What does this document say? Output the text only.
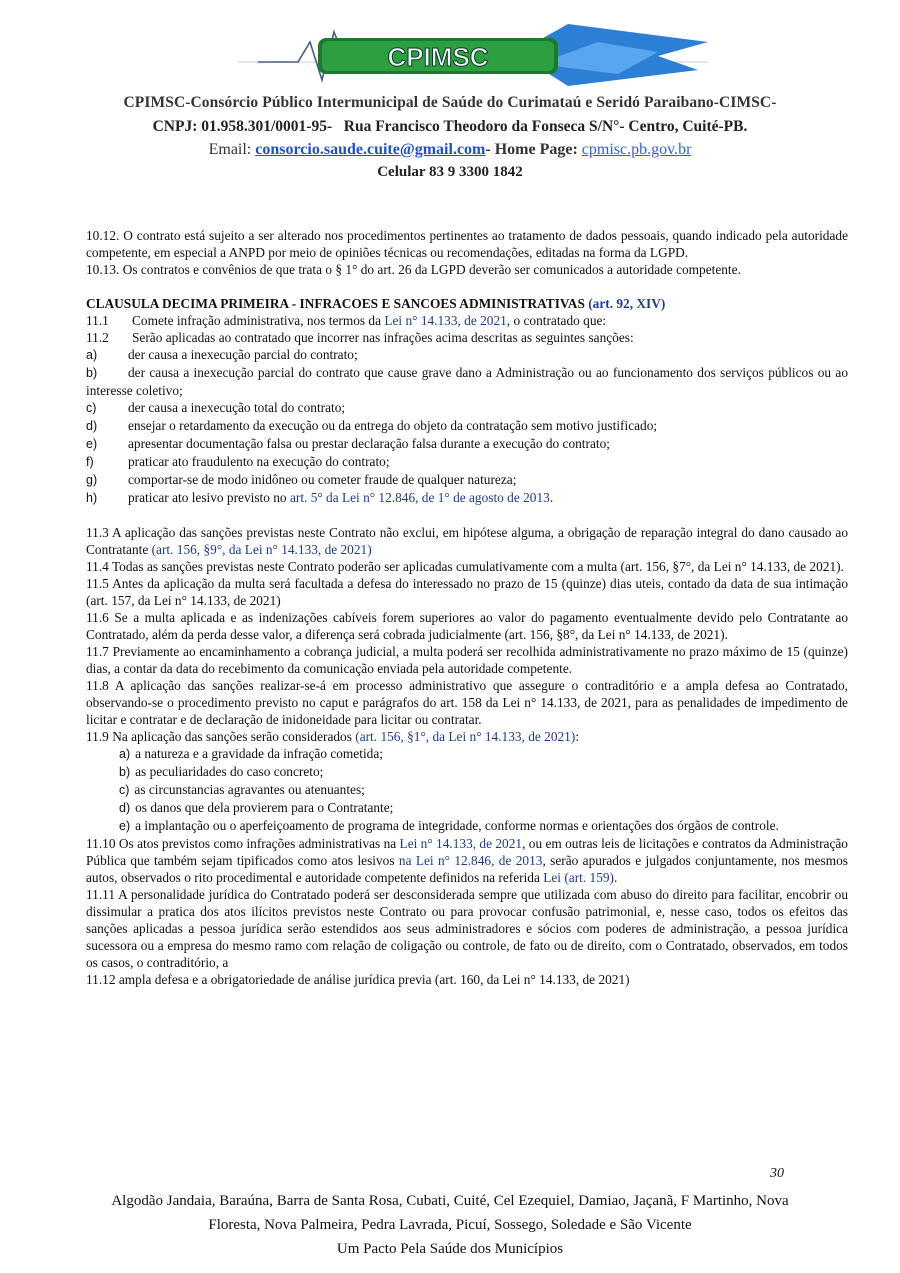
CPIMSC
CPIMSC-Consórcio Público Intermunicipal de Saúde do Curimataú e Seridó Paraibano-CIMSC-
CNPJ: 01.958.301/0001-95- Rua Francisco Theodoro da Fonseca S/N°- Centro, Cuité-PB.
Email: consorcio.saude.cuite@gmail.com- Home Page: cpmisc.pb.gov.br
Celular 83 9 3300 1842

10.12. O contrato está sujeito a ser alterado nos procedimentos pertinentes ao tratamento de dados pessoais, quando indicado pela autoridade competente, em especial a ANPD por meio de opiniões técnicas ou recomendações, editadas na forma da LGPD.

10.13. Os contratos e convênios de que trata o § 1° do art. 26 da LGPD deverão ser comunicados a autoridade competente.

CLAUSULA DECIMA PRIMEIRA - INFRACOES E SANCOES ADMINISTRATIVAS (art. 92, XIV)

11.1	Comete infração administrativa, nos termos da Lei n° 14.133, de 2021, o contratado que:
11.2	Serão aplicadas ao contratado que incorrer nas infrações acima descritas as seguintes sanções:

a) der causa a inexecução parcial do contrato;

b) der causa a inexecução parcial do contrato que cause grave dano a Administração ou ao funcionamento dos serviços públicos ou ao interesse coletivo;

c) der causa a inexecução total do contrato;

d) ensejar o retardamento da execução ou da entrega do objeto da contratação sem motivo justificado;

e) apresentar documentação falsa ou prestar declaração falsa durante a execução do contrato;

f)	praticar ato fraudulento na execução do contrato;

g) comportar-se de modo inidôneo ou cometer fraude de qualquer natureza;

h) praticar ato lesivo previsto no art. 5° da Lei n° 12.846, de 1° de agosto de 2013.

11.3 A aplicação das sanções previstas neste Contrato não exclui, em hipótese alguma, a obrigação de reparação integral do dano causado ao Contratante (art. 156, §9°, da Lei n° 14.133, de 2021)

11.4 Todas as sanções previstas neste Contrato poderão ser aplicadas cumulativamente com a multa (art. 156, §7°, da Lei n° 14.133, de 2021).

11.5 Antes da aplicação da multa será facultada a defesa do interessado no prazo de 15 (quinze) dias uteis, contado da data de sua intimação (art. 157, da Lei n° 14.133, de 2021)

11.6 Se a multa aplicada e as indenizações cabíveis forem superiores ao valor do pagamento eventualmente devido pelo Contratante ao Contratado, além da perda desse valor, a diferença será cobrada judicialmente (art. 156, §8°, da Lei n° 14.133, de 2021).

11.7 Previamente ao encaminhamento a cobrança judicial, a multa poderá ser recolhida administrativamente no prazo máximo de 15 (quinze) dias, a contar da data do recebimento da comunicação enviada pela autoridade competente.

11.8 A aplicação das sanções realizar-se-á em processo administrativo que assegure o contraditório e a ampla defesa ao Contratado, observando-se o procedimento previsto no caput e parágrafos do art. 158 da Lei n° 14.133, de 2021, para as penalidades de impedimento de licitar e contratar e de declaração de inidoneidade para licitar ou contratar.

11.9 Na aplicação das sanções serão considerados (art. 156, §1°, da Lei n° 14.133, de 2021):

a) a natureza e a gravidade da infração cometida;

b) as peculiaridades do caso concreto;

c) as circunstancias agravantes ou atenuantes;

d) os danos que dela provierem para o Contratante;

e) a implantação ou o aperfeiçoamento de programa de integridade, conforme normas e orientações dos órgãos de controle.

11.10 Os atos previstos como infrações administrativas na Lei n° 14.133, de 2021, ou em outras leis de licitações e contratos da Administração Pública que também sejam tipificados como atos lesivos na Lei n° 12.846, de 2013, serão apurados e julgados conjuntamente, nos mesmos autos, observados o rito procedimental e autoridade competente definidos na referida Lei (art. 159).

11.11 A personalidade jurídica do Contratado poderá ser desconsiderada sempre que utilizada com abuso do direito para facilitar, encobrir ou dissimular a pratica dos atos ilícitos previstos neste Contrato ou para provocar confusão patrimonial, e, nesse caso, todos os efeitos das sanções aplicadas a pessoa jurídica serão estendidos aos seus administradores e sócios com poderes de administração, a pessoa jurídica sucessora ou a empresa do mesmo ramo com relação de coligação ou controle, de fato ou de direito, com o Contratado, observados, em todos os casos, o contraditório, a

11.12 ampla defesa e a obrigatoriedade de análise jurídica previa (art. 160, da Lei n° 14.133, de 2021)

30
Algodão Jandaia, Baraúna, Barra de Santa Rosa, Cubati, Cuité, Cel Ezequiel, Damiao, Jaçanã, F Martinho, Nova
Floresta, Nova Palmeira, Pedra Lavrada, Picuí, Sossego, Soledade e São Vicente
Um Pacto Pela Saúde dos Municípios
